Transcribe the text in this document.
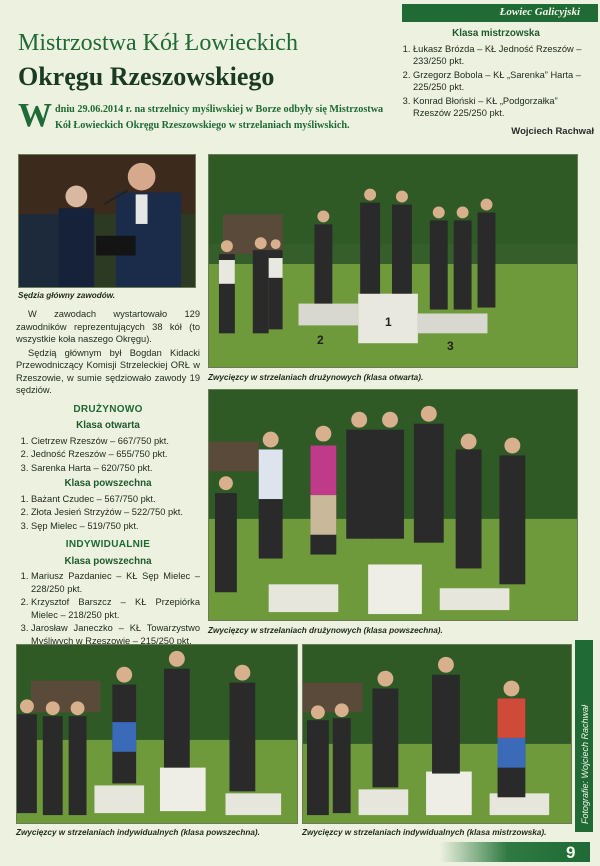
Łowiec Galicyjski
Mistrzostwa Kół Łowieckich
Okręgu Rzeszowskiego
W dniu 29.06.2014 r. na strzelnicy myśliwskiej w Borze odbyły się Mistrzostwa Kół Łowieckich Okręgu Rzeszowskiego w strzelaniach myśliwskich.
Klasa mistrzowska
1. Łukasz Brózda – KŁ Jedność Rzeszów – 233/250 pkt.
2. Grzegorz Bobola – KŁ „Sarenka” Harta – 225/250 pkt.
3. Konrad Błoński – KŁ „Podgorzałka” Rzeszów 225/250 pkt.
Wojciech Rachwał
Sędzia główny zawodów.

W zawodach wystartowało 129 zawodników reprezentujących 38 kół (to wszystkie koła naszego Okręgu).

Sędzią głównym był Bogdan Kidacki Przewodniczący Komisji Strzeleckiej ORŁ w Rzeszowie, w sumie sędziowało zawody 19 sędziów.

DRUŻYNOWO
Klasa otwarta
1. Cietrzew Rzeszów – 667/750 pkt.
2. Jedność Rzeszów – 655/750 pkt.
3. Sarenka Harta – 620/750 pkt.
Klasa powszechna
1. Bażant Czudec – 567/750 pkt.
2. Złota Jesień Strzyżów – 522/750 pkt.
3. Sęp Mielec – 519/750 pkt.
INDYWIDUALNIE
Klasa powszechna
1. Mariusz Pazdaniec – KŁ Sęp Mielec – 228/250 pkt.
2. Krzysztof Barszcz – KŁ Przepiórka Mielec – 218/250 pkt.
3. Jarosław Janeczko – KŁ Towarzystwo Myśliwych w Rzeszowie – 215/250 pkt.
2
1
3
Zwycięzcy w strzelaniach drużynowych (klasa otwarta).
Zwycięzcy w strzelaniach drużynowych (klasa powszechna).
Zwycięzcy w strzelaniach indywidualnych (klasa powszechna).	Zwycięzcy w strzelaniach indywidualnych (klasa mistrzowska).
Fotografie: Wojciech Rachwał
9
